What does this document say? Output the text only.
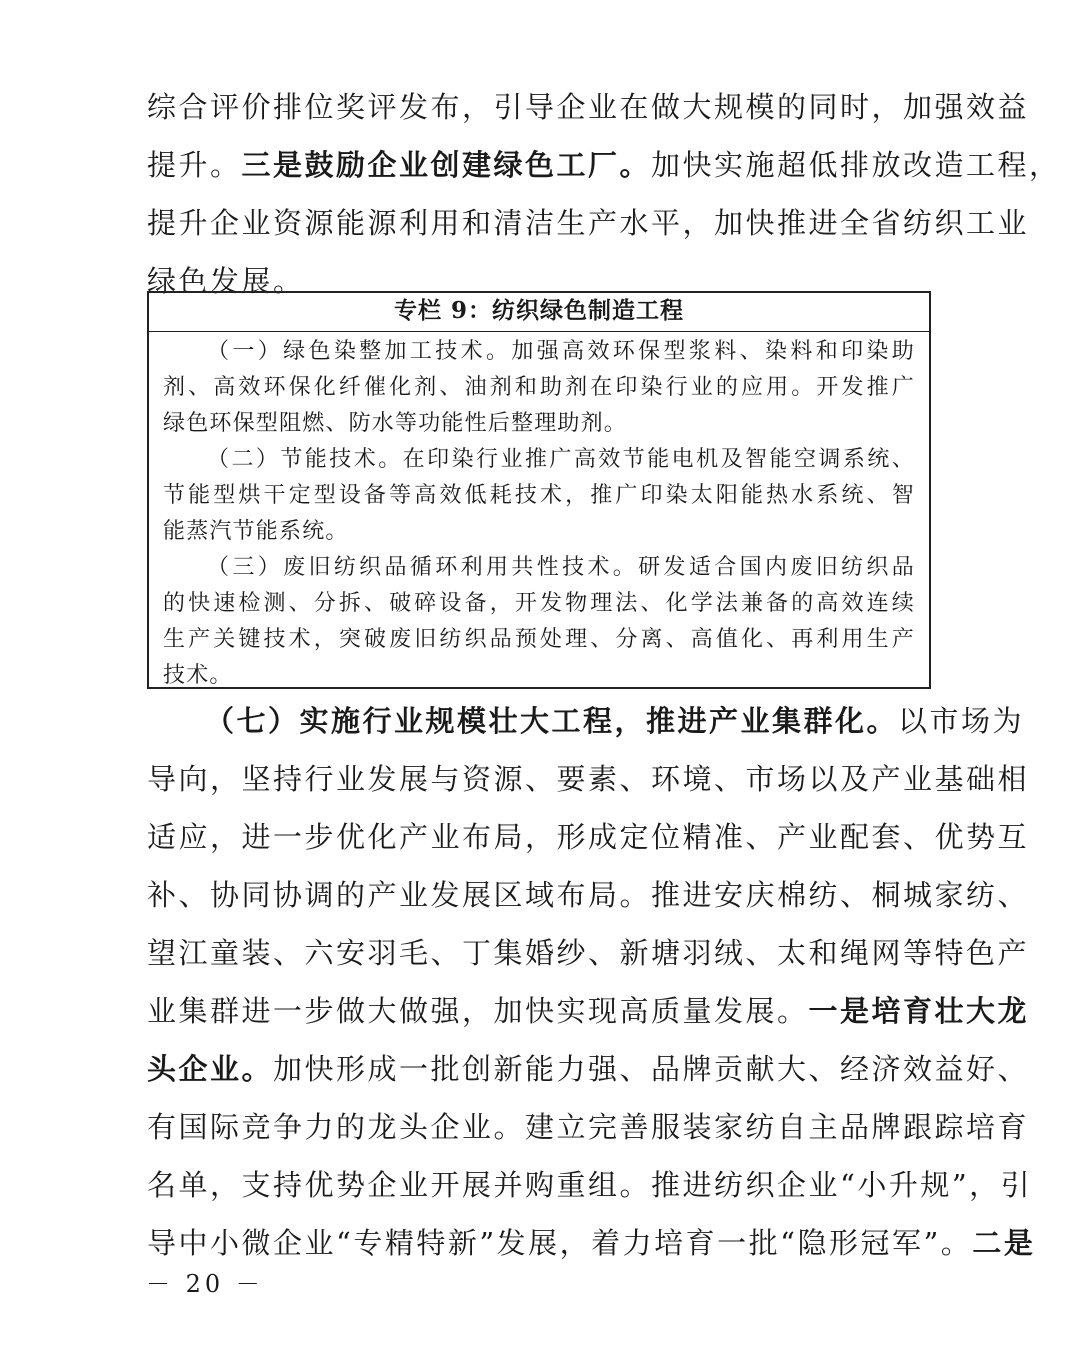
综合评价排位奖评发布，引导企业在做大规模的同时，加强效益
提升。三是鼓励企业创建绿色工厂。加快实施超低排放改造工程，
提升企业资源能源利用和清洁生产水平，加快推进全省纺织工业
绿色发展。
专栏 9：纺织绿色制造工程
（一）绿色染整加工技术。加强高效环保型浆料、染料和印染助
剂、高效环保化纤催化剂、油剂和助剂在印染行业的应用。开发推广
绿色环保型阻燃、防水等功能性后整理助剂。
（二）节能技术。在印染行业推广高效节能电机及智能空调系统、
节能型烘干定型设备等高效低耗技术，推广印染太阳能热水系统、智
能蒸汽节能系统。
（三）废旧纺织品循环利用共性技术。研发适合国内废旧纺织品
的快速检测、分拆、破碎设备，开发物理法、化学法兼备的高效连续
生产关键技术，突破废旧纺织品预处理、分离、高值化、再利用生产
技术。
（七）实施行业规模壮大工程，推进产业集群化。以市场为
导向，坚持行业发展与资源、要素、环境、市场以及产业基础相
适应，进一步优化产业布局，形成定位精准、产业配套、优势互
补、协同协调的产业发展区域布局。推进安庆棉纺、桐城家纺、
望江童装、六安羽毛、丁集婚纱、新塘羽绒、太和绳网等特色产
业集群进一步做大做强，加快实现高质量发展。一是培育壮大龙
头企业。加快形成一批创新能力强、品牌贡献大、经济效益好、
有国际竞争力的龙头企业。建立完善服装家纺自主品牌跟踪培育
名单，支持优势企业开展并购重组。推进纺织企业“小升规”，引
导中小微企业“专精特新”发展，着力培育一批“隐形冠军”。二是
－ 20 －
